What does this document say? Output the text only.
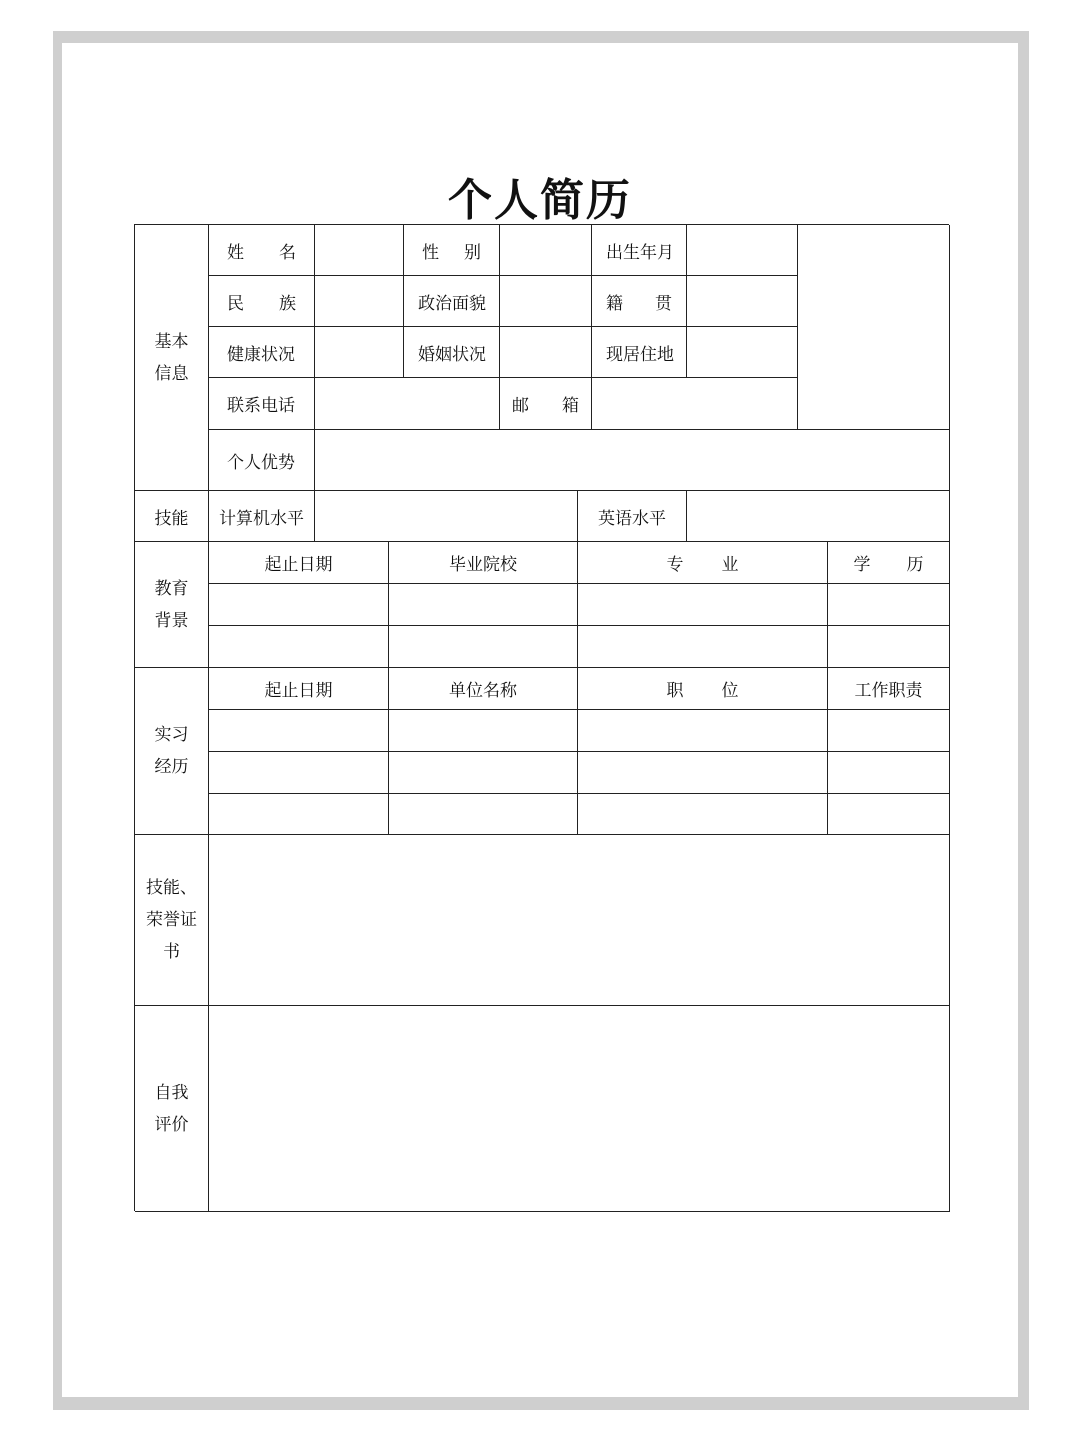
个人简历
基本
信息
姓 名	性 别	出生年月
民 族	政治面貌	籍 贯
健康状况	婚姻状况	现居住地
联系电话	邮 箱
个人优势
技能	计算机水平	英语水平
教育
背景
起止日期	毕业院校	专 业	学 历
实习
经历
起止日期	单位名称	职 位	工作职责
技能、
荣誉证
书
自我
评价
